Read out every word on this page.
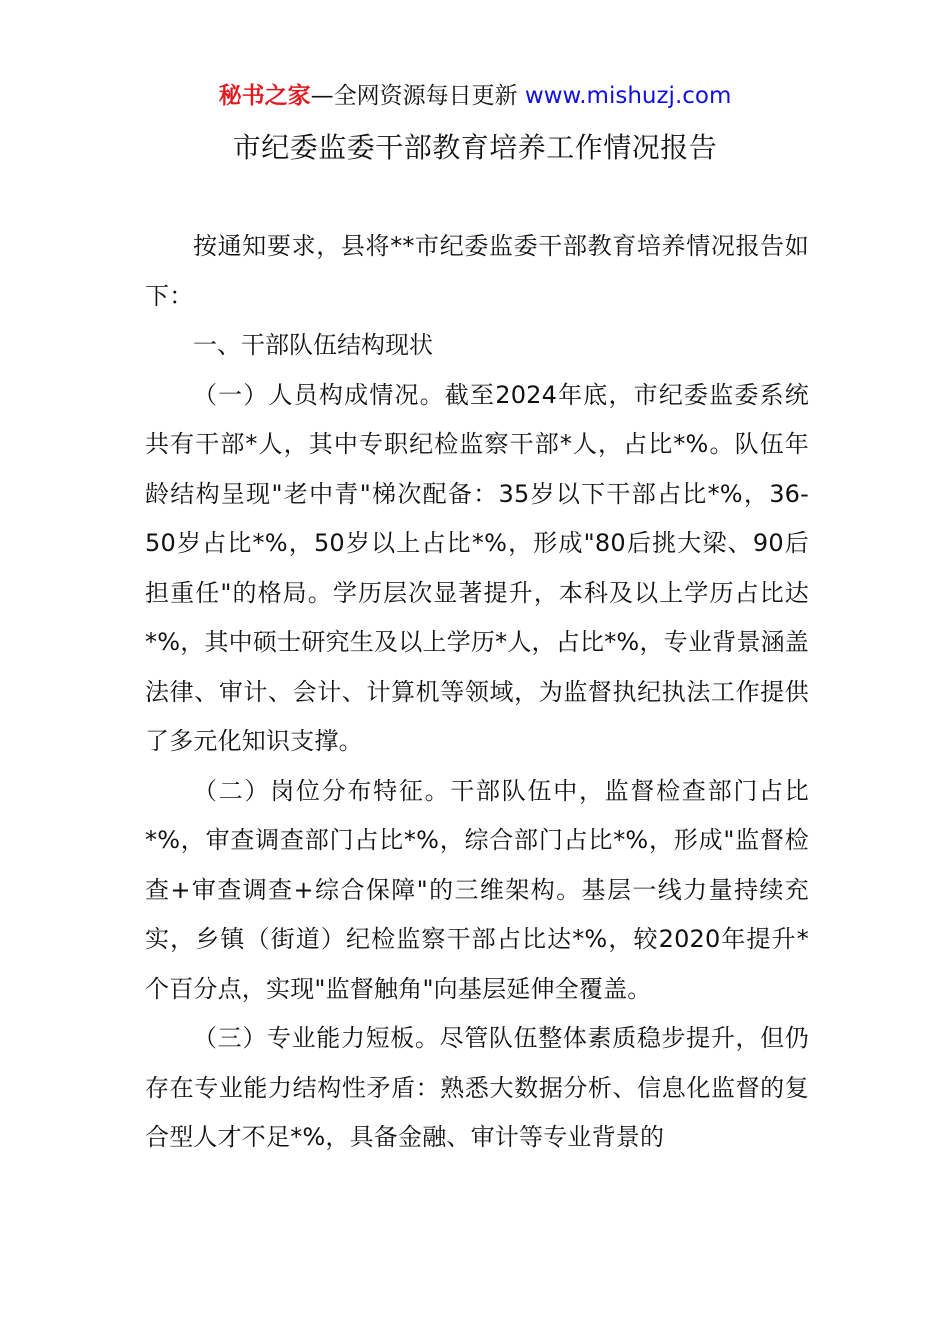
秘书之家—全网资源每日更新 www.mishuzj.com
市纪委监委干部教育培养工作情况报告

按通知要求，县将**市纪委监委干部教育培养情况报告如下：

一、干部队伍结构现状

（一）人员构成情况。截至2024年底，市纪委监委系统共有干部*人，其中专职纪检监察干部*人，占比*%。队伍年龄结构呈现"老中青"梯次配备：35岁以下干部占比*%，36-50岁占比*%，50岁以上占比*%，形成"80后挑大梁、90后担重任"的格局。学历层次显著提升，本科及以上学历占比达*%，其中硕士研究生及以上学历*人，占比*%，专业背景涵盖法律、审计、会计、计算机等领域，为监督执纪执法工作提供了多元化知识支撑。

（二）岗位分布特征。干部队伍中，监督检查部门占比*%，审查调查部门占比*%，综合部门占比*%，形成"监督检查+审查调查+综合保障"的三维架构。基层一线力量持续充实，乡镇（街道）纪检监察干部占比达*%，较2020年提升*个百分点，实现"监督触角"向基层延伸全覆盖。

（三）专业能力短板。尽管队伍整体素质稳步提升，但仍存在专业能力结构性矛盾：熟悉大数据分析、信息化监督的复合型人才不足*%，具备金融、审计等专业背景的
